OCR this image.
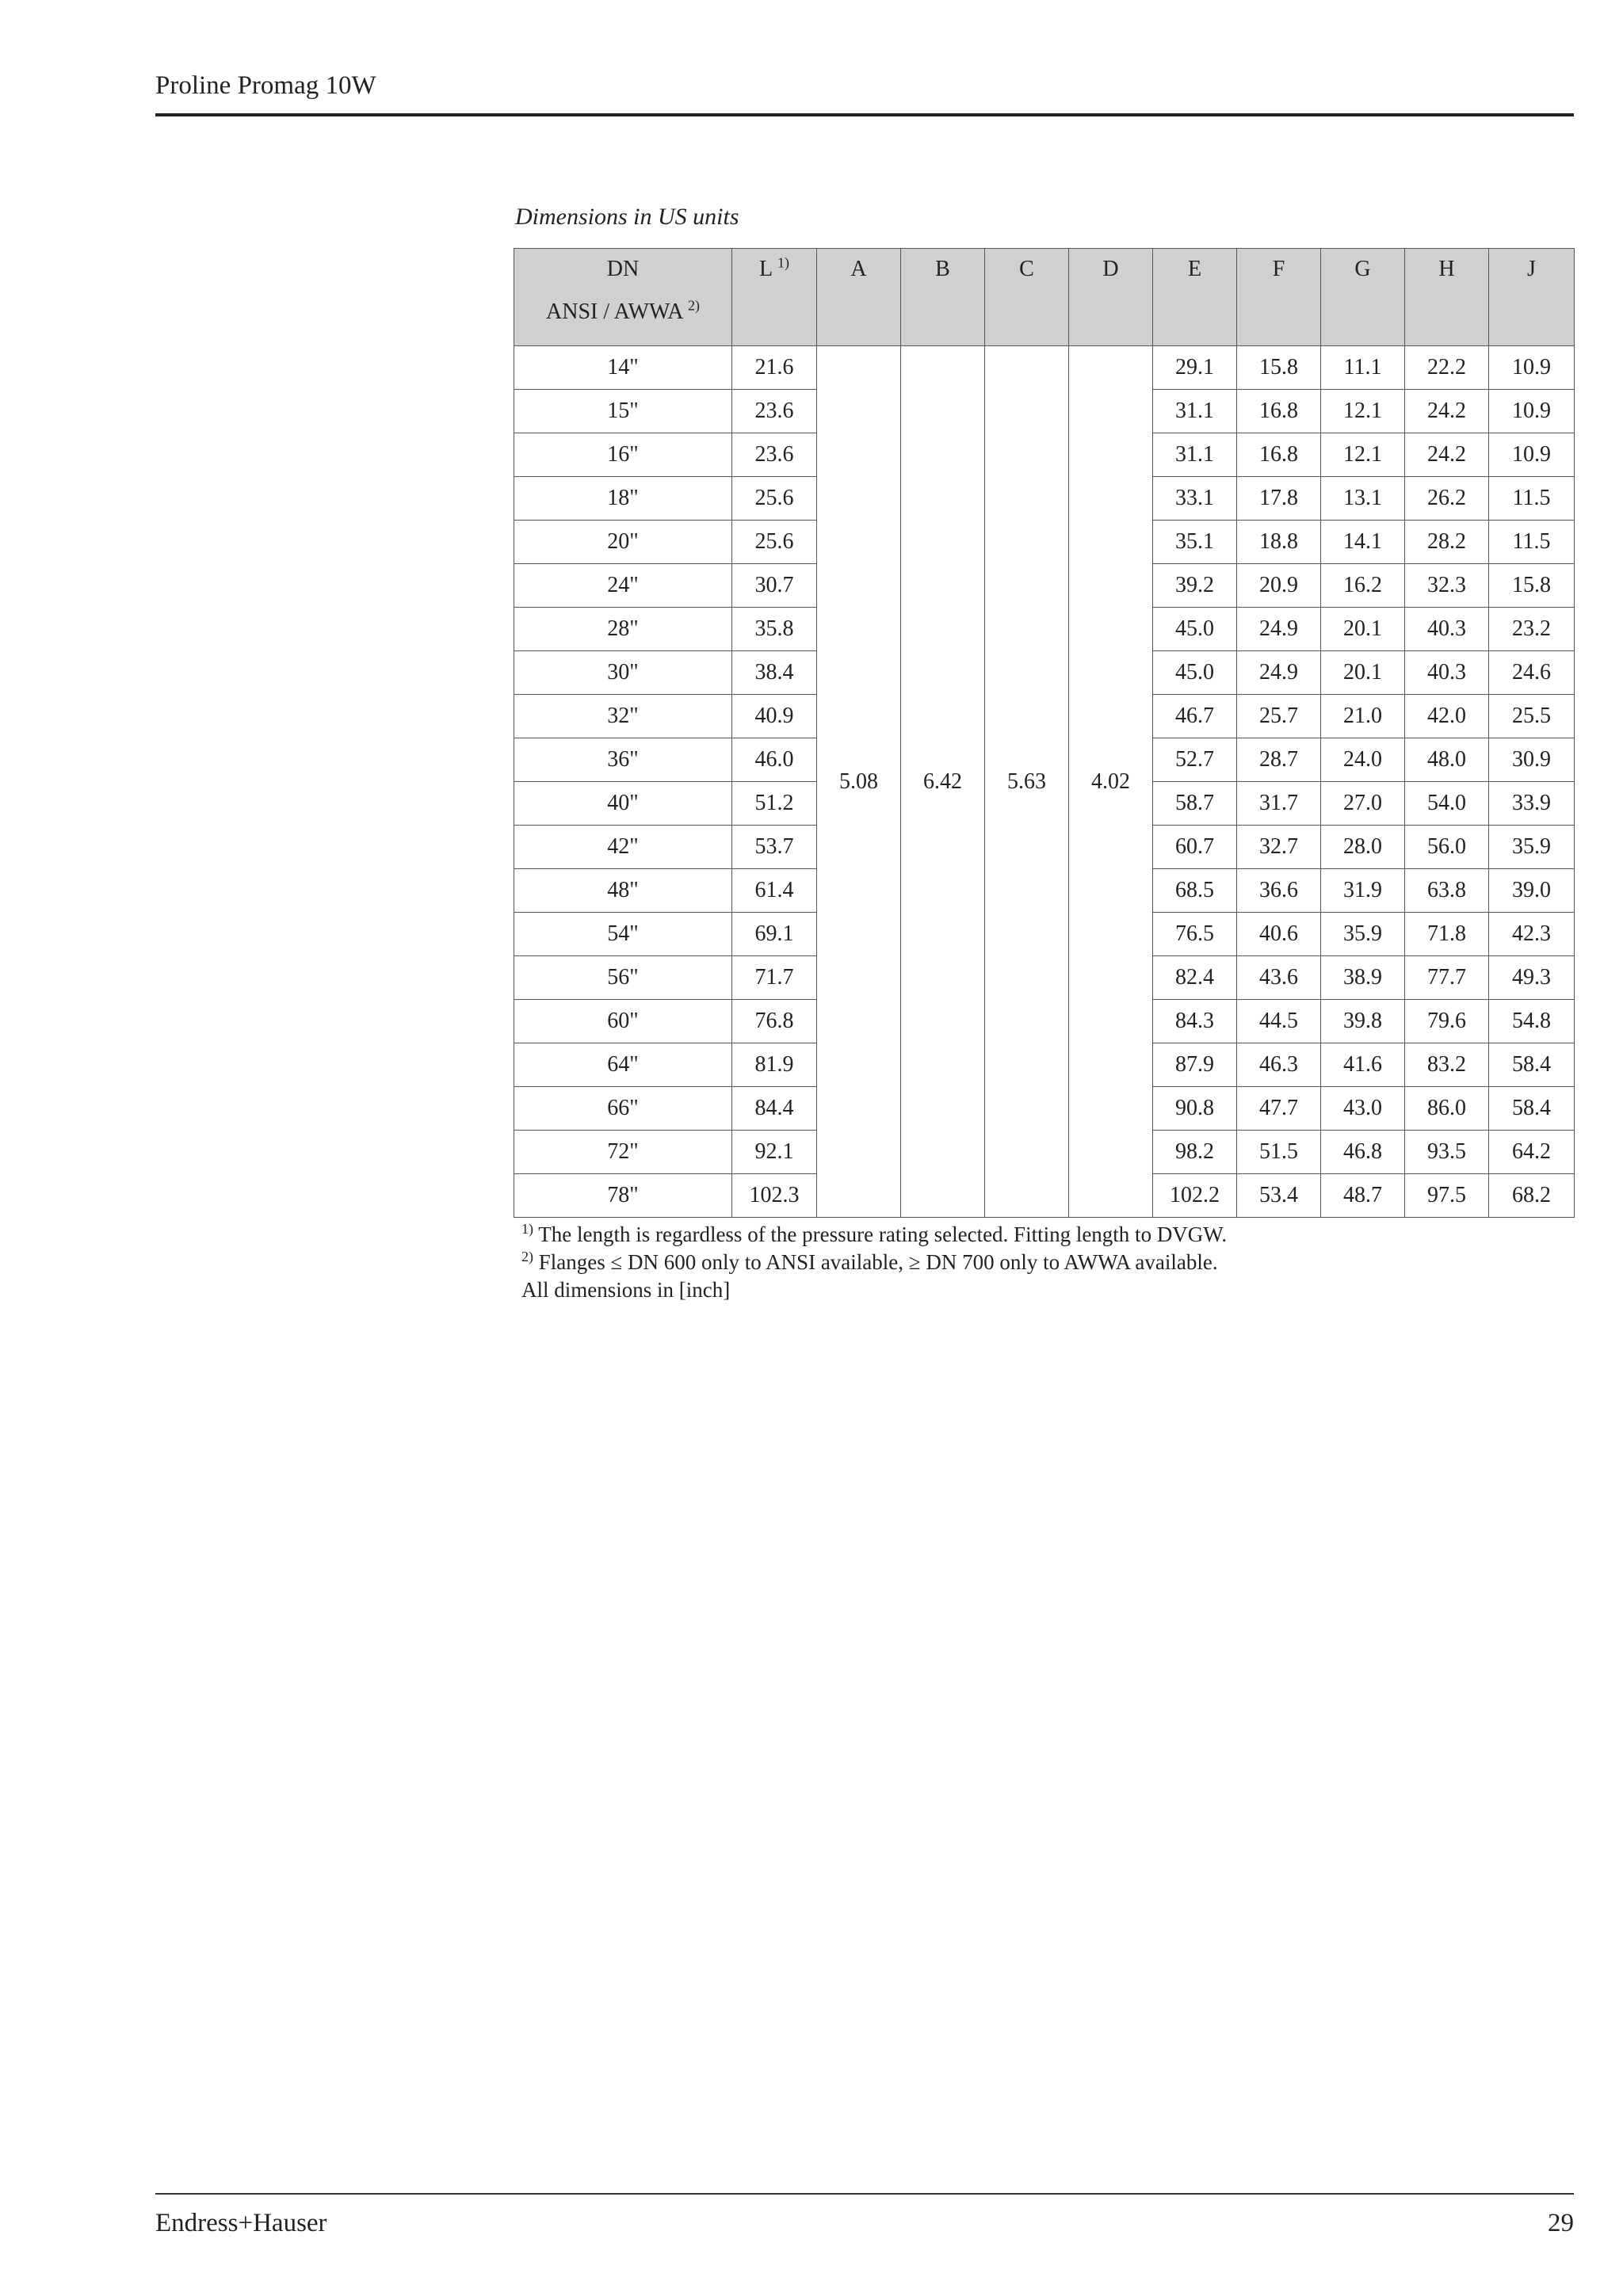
Proline Promag 10W
Dimensions in US units
DN
ANSI / AWWA $^{2)}$	L $^{1)}$	A	B	C	D	E	F	G	H	J
14"	21.6	5.08	6.42	5.63	4.02	29.1	15.8	11.1	22.2	10.9
15"	23.6					31.1	16.8	12.1	24.2	10.9
16"	23.6					31.1	16.8	12.1	24.2	10.9
18"	25.6					33.1	17.8	13.1	26.2	11.5
20"	25.6					35.1	18.8	14.1	28.2	11.5
24"	30.7					39.2	20.9	16.2	32.3	15.8
28"	35.8					45.0	24.9	20.1	40.3	23.2
30"	38.4					45.0	24.9	20.1	40.3	24.6
32"	40.9					46.7	25.7	21.0	42.0	25.5
36"	46.0					52.7	28.7	24.0	48.0	30.9
40"	51.2					58.7	31.7	27.0	54.0	33.9
42"	53.7					60.7	32.7	28.0	56.0	35.9
48"	61.4					68.5	36.6	31.9	63.8	39.0
54"	69.1					76.5	40.6	35.9	71.8	42.3
56"	71.7					82.4	43.6	38.9	77.7	49.3
60"	76.8					84.3	44.5	39.8	79.6	54.8
64"	81.9					87.9	46.3	41.6	83.2	58.4
66"	84.4					90.8	47.7	43.0	86.0	58.4
72"	92.1					98.2	51.5	46.8	93.5	64.2
78"	102.3					102.2	53.4	48.7	97.5	68.2
$^{1)}$ The length is regardless of the pressure rating selected. Fitting length to DVGW.
$^{2)}$ Flanges ≤ DN 600 only to ANSI available, ≥ DN 700 only to AWWA available.
All dimensions in [inch]
Endress+Hauser	29
